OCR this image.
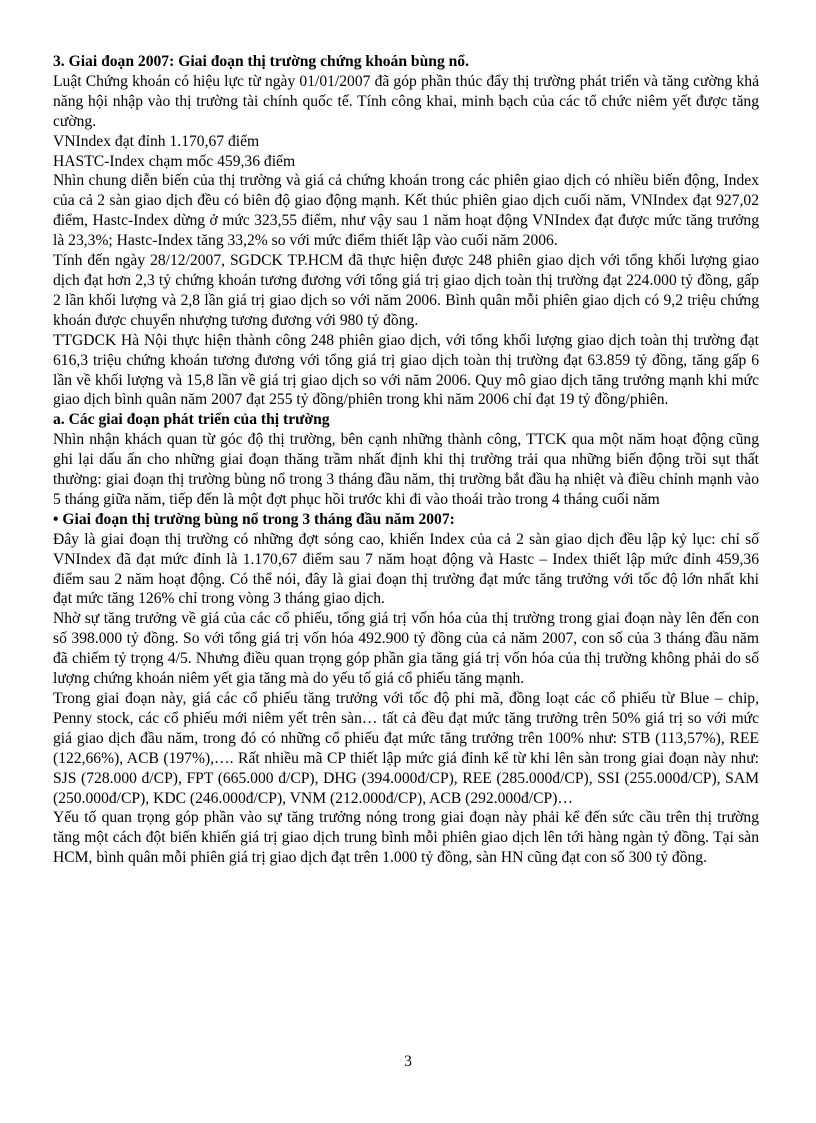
3. Giai đoạn 2007: Giai đoạn thị trường chứng khoán bùng nổ.

Luật Chứng khoán có hiệu lực từ ngày 01/01/2007 đã góp phần thúc đẩy thị trường phát triển và tăng cường khả năng hội nhập vào thị trường tài chính quốc tế. Tính công khai, minh bạch của các tổ chức niêm yết được tăng cường.

VNIndex đạt đỉnh 1.170,67 điểm

HASTC-Index chạm mốc 459,36 điểm

Nhìn chung diễn biến của thị trường và giá cả chứng khoán trong các phiên giao dịch có nhiều biến động, Index của cả 2 sàn giao dịch đều có biên độ giao động mạnh. Kết thúc phiên giao dịch cuối năm, VNIndex đạt 927,02 điểm, Hastc-Index dừng ở mức 323,55 điểm, như vậy sau 1 năm hoạt động VNIndex đạt được mức tăng trưởng là 23,3%; Hastc-Index tăng 33,2% so với mức điểm thiết lập vào cuối năm 2006.

Tính đến ngày 28/12/2007, SGDCK TP.HCM đã thực hiện được 248 phiên giao dịch với tổng khối lượng giao dịch đạt hơn 2,3 tỷ chứng khoán tương đương với tổng giá trị giao dịch toàn thị trường đạt 224.000 tỷ đồng, gấp 2 lần khối lượng và 2,8 lần giá trị giao dịch so với năm 2006. Bình quân mỗi phiên giao dịch có 9,2 triệu chứng khoán được chuyển nhượng tương đương với 980 tỷ đồng.

TTGDCK Hà Nội thực hiện thành công 248 phiên giao dịch, với tổng khối lượng giao dịch toàn thị trường đạt 616,3 triệu chứng khoán tương đương với tổng giá trị giao dịch toàn thị trường đạt 63.859 tỷ đồng, tăng gấp 6 lần về khối lượng và 15,8 lần về giá trị giao dịch so với năm 2006. Quy mô giao dịch tăng trưởng mạnh khi mức giao dịch bình quân năm 2007 đạt 255 tỷ đồng/phiên trong khi năm 2006 chỉ đạt 19 tỷ đồng/phiên.

a. Các giai đoạn phát triển của thị trường

Nhìn nhận khách quan từ góc độ thị trường, bên cạnh những thành công, TTCK qua một năm hoạt động cũng ghi lại dấu ấn cho những giai đoạn thăng trầm nhất định khi thị trường trải qua những biến động trồi sụt thất thường: giai đoạn thị trường bùng nổ trong 3 tháng đầu năm, thị trường bắt đầu hạ nhiệt và điều chỉnh mạnh vào 5 tháng giữa năm, tiếp đến là một đợt phục hồi trước khi đi vào thoái trào trong 4 tháng cuối năm

• Giai đoạn thị trường bùng nổ trong 3 tháng đầu năm 2007:

Đây là giai đoạn thị trường có những đợt sóng cao, khiến Index của cả 2 sàn giao dịch đều lập kỷ lục: chỉ số VNIndex đã đạt mức đỉnh là 1.170,67 điểm sau 7 năm hoạt động và Hastc – Index thiết lập mức đỉnh 459,36 điểm sau 2 năm hoạt động. Có thể nói, đây là giai đoạn thị trường đạt mức tăng trưởng với tốc độ lớn nhất khi đạt mức tăng 126% chỉ trong vòng 3 tháng giao dịch.

Nhờ sự tăng trưởng về giá của các cổ phiếu, tổng giá trị vốn hóa của thị trường trong giai đoạn này lên đến con số 398.000 tỷ đồng. So với tổng giá trị vốn hóa 492.900 tỷ đồng của cả năm 2007, con số của 3 tháng đầu năm đã chiếm tỷ trọng 4/5. Nhưng điều quan trọng góp phần gia tăng giá trị vốn hóa của thị trường không phải do số lượng chứng khoán niêm yết gia tăng mà do yếu tố giá cổ phiếu tăng mạnh.

Trong giai đoạn này, giá các cổ phiếu tăng trưởng với tốc độ phi mã, đồng loạt các cổ phiếu từ Blue – chip, Penny stock, các cổ phiếu mới niêm yết trên sàn… tất cả đều đạt mức tăng trưởng trên 50% giá trị so với mức giá giao dịch đầu năm, trong đó có những cổ phiếu đạt mức tăng trưởng trên 100% như: STB (113,57%), REE (122,66%), ACB (197%),…. Rất nhiều mã CP thiết lập mức giá đỉnh kể từ khi lên sàn trong giai đoạn này như: SJS (728.000 đ/CP), FPT (665.000 đ/CP), DHG (394.000đ/CP), REE (285.000đ/CP), SSI (255.000đ/CP), SAM (250.000đ/CP), KDC (246.000đ/CP), VNM (212.000đ/CP), ACB (292.000đ/CP)…

Yếu tố quan trọng góp phần vào sự tăng trưởng nóng trong giai đoạn này phải kể đến sức cầu trên thị trường tăng một cách đột biến khiến giá trị giao dịch trung bình mỗi phiên giao dịch lên tới hàng ngàn tỷ đồng. Tại sàn HCM, bình quân mỗi phiên giá trị giao dịch đạt trên 1.000 tỷ đồng, sàn HN cũng đạt con số 300 tỷ đồng.

3
